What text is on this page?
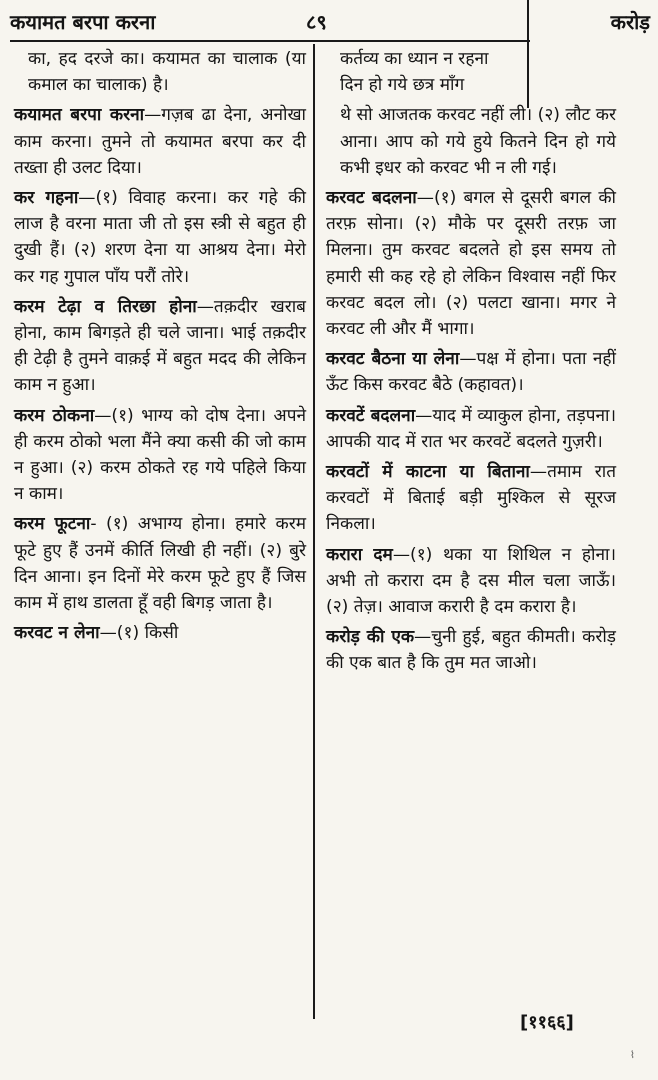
कयामत बरपा करना	८९	करोड़

का, हद दरजे का। कयामत का चालाक (या कमाल का चालाक) है।

कयामत बरपा करना—गज़ब ढा देना, अनोखा काम करना। तुमने तो कयामत बरपा कर दी तख्ता ही उलट दिया।

कर गहना—(१) विवाह करना। कर गहे की लाज है वरना माता जी तो इस स्त्री से बहुत ही दुखी हैं। (२) शरण देना या आश्रय देना। मेरो कर गह गुपाल पाँय परौं तोरे।

करम टेढ़ा व तिरछा होना—तक़दीर खराब होना, काम बिगड़ते ही चले जाना। भाई तक़दीर ही टेढ़ी है तुमने वाक़ई में बहुत मदद की लेकिन काम न हुआ।

करम ठोकना—(१) भाग्य को दोष देना। अपने ही करम ठोको भला मैंने क्या कसी की जो काम न हुआ। (२) करम ठोकते रह गये पहिले किया न काम।

करम फूटना- (१) अभाग्य होना। हमारे करम फूटे हुए हैं उनमें कीर्ति लिखी ही नहीं। (२) बुरे दिन आना। इन दिनों मेरे करम फूटे हुए हैं जिस काम में हाथ डालता हूँ वही बिगड़ जाता है।

करवट न लेना—(१) किसी

कर्तव्य का ध्यान न रहना

दिन हो गये छत्र माँग

थे सो आजतक करवट नहीं ली। (२) लौट कर आना। आप को गये हुये कितने दिन हो गये कभी इधर को करवट भी न ली गई।

करवट बदलना—(१) बगल से दूसरी बगल की तरफ़ सोना। (२) मौके पर दूसरी तरफ़ जा मिलना। तुम करवट बदलते हो इस समय तो हमारी सी कह रहे हो लेकिन विश्वास नहीं फिर करवट बदल लो। (२) पलटा खाना। मगर ने करवट ली और मैं भागा।

करवट बैठना या लेना—पक्ष में होना। पता नहीं ऊँट किस करवट बैठे (कहावत)।

करवटें बदलना—याद में व्याकुल होना, तड़पना। आपकी याद में रात भर करवटें बदलते गुज़री।

करवटों में काटना या बिताना—तमाम रात करवटों में बिताई बड़ी मुश्किल से सूरज निकला।

करारा दम—(१) थका या शिथिल न होना। अभी तो करारा दम है दस मील चला जाऊँ। (२) तेज़। आवाज करारी है दम करारा है।

करोड़ की एक—चुनी हुई, बहुत कीमती। करोड़ की एक बात है कि तुम मत जाओ।

[११६६]
⌇
